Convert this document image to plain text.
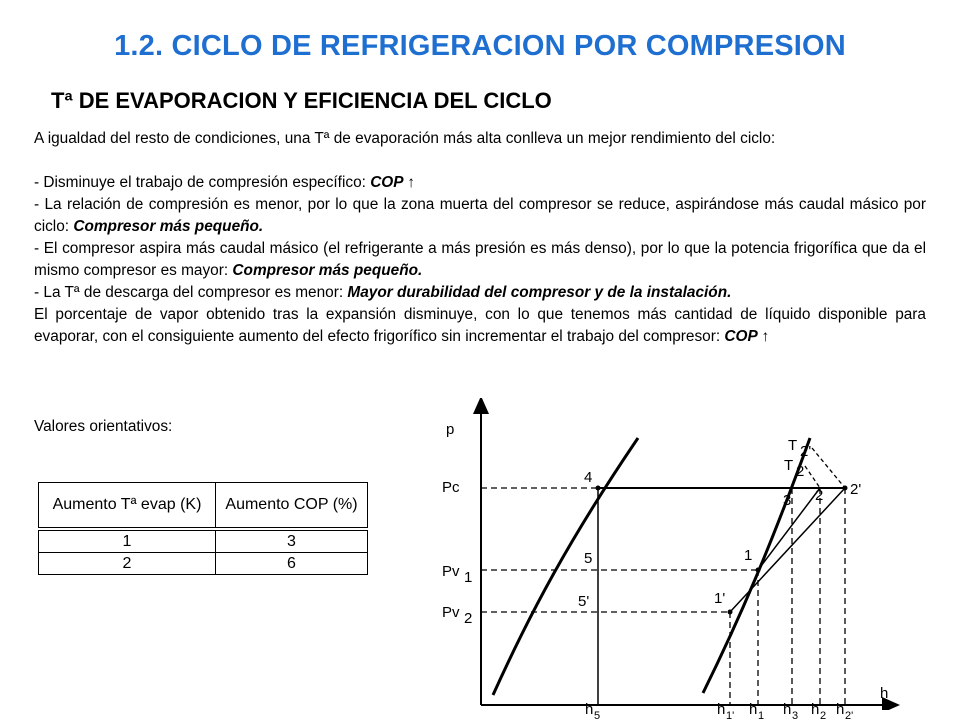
1.2. CICLO DE REFRIGERACION POR COMPRESION
Tª DE EVAPORACION Y EFICIENCIA DEL CICLO

A igualdad del resto de condiciones, una Tª de evaporación más alta conlleva un mejor rendimiento del ciclo:

- Disminuye el trabajo de compresión específico: COP ↑

- La relación de compresión es menor, por lo que la zona muerta del compresor se reduce, aspirándose más caudal másico por ciclo: Compresor más pequeño.

- El compresor aspira más caudal másico (el refrigerante a más presión es más denso), por lo que la potencia frigorífica que da el mismo compresor es mayor: Compresor más pequeño.

- La Tª de descarga del compresor es menor: Mayor durabilidad del compresor y de la instalación.

El porcentaje de vapor obtenido tras la expansión disminuye, con lo que tenemos más cantidad de líquido disponible para evaporar, con el consiguiente aumento del efecto frigorífico sin incrementar el trabajo del compresor: COP ↑

Valores orientativos:
Aumento Tª evap (K)	Aumento COP (%)
1	3
2	6
p
h
Pc
Pv 1
Pv 2
4
5
5'
1
1'
3 2 2'
T 2'
T 2
h 5	h 1' h 1 h 3 h 2 h 2'
